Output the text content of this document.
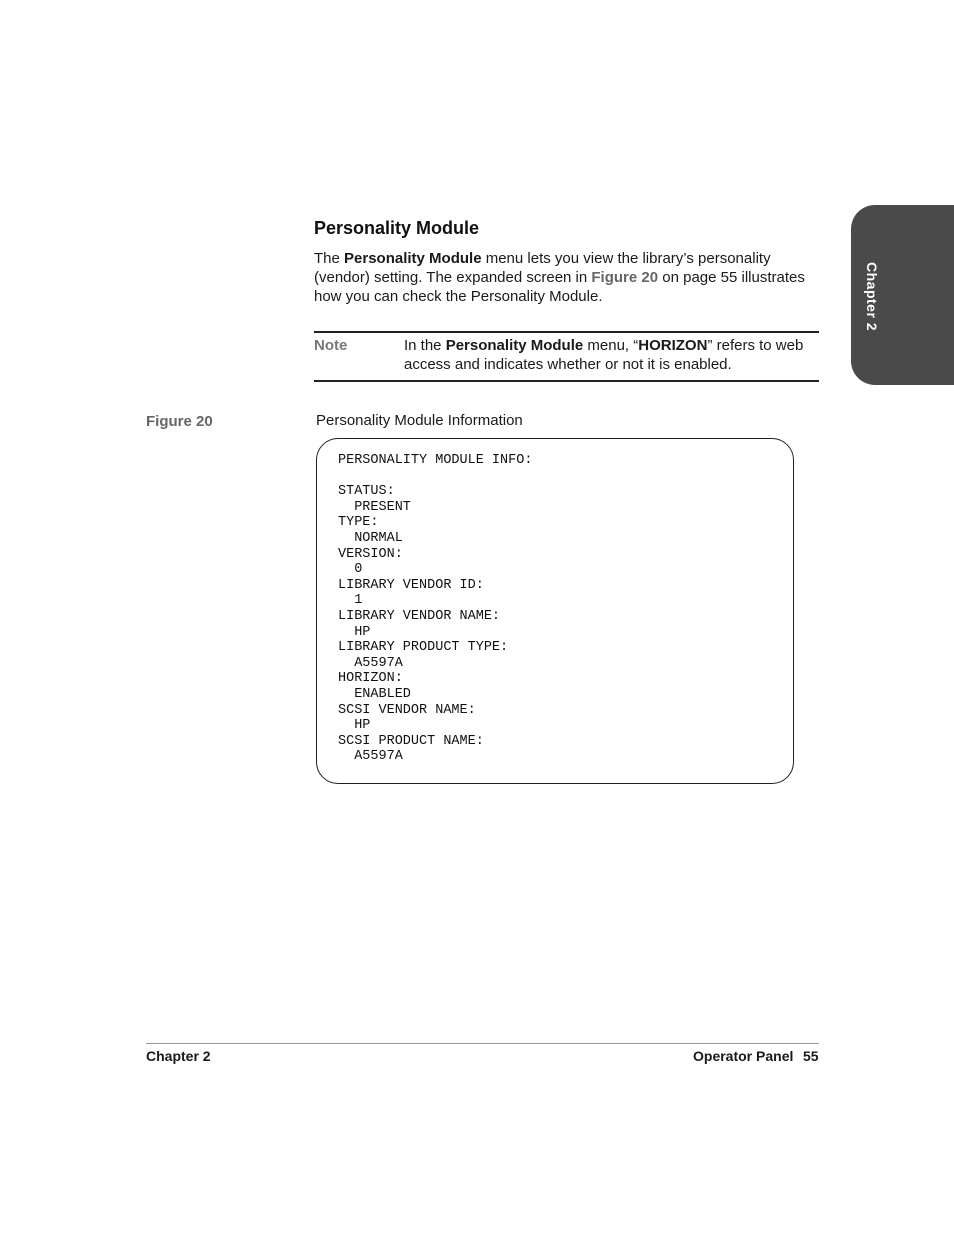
Chapter 2
Personality Module

The Personality Module menu lets you view the library’s personality (vendor) setting. The expanded screen in Figure 20 on page 55 illustrates how you can check the Personality Module.

Note	In the Personality Module menu, “HORIZON” refers to web access and indicates whether or not it is enabled.

Figure 20	Personality Module Information
PERSONALITY MODULE INFO:
STATUS:
PRESENT
TYPE:
NORMAL
VERSION:
0
LIBRARY VENDOR ID:
1
LIBRARY VENDOR NAME:
HP
LIBRARY PRODUCT TYPE:
A5597A
HORIZON:
ENABLED
SCSI VENDOR NAME:
HP
SCSI PRODUCT NAME:
A5597A
Chapter 2	Operator Panel 55
